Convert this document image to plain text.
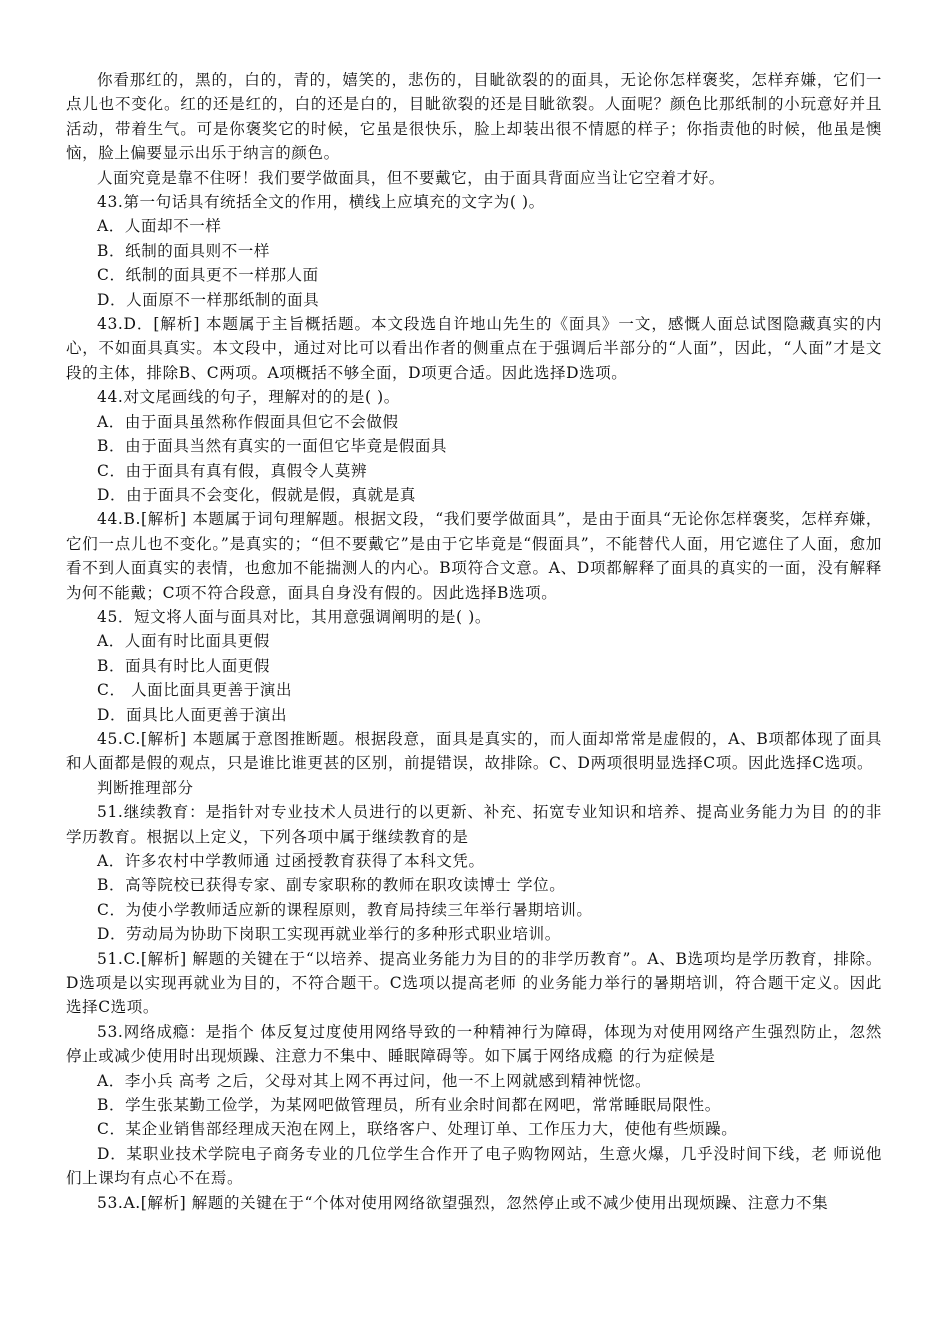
你看那红的，黑的，白的，青的，嬉笑的，悲伤的，目眦欲裂的的面具，无论你怎样褒奖，怎样弃嫌，它们一点儿也不变化。红的还是红的，白的还是白的，目眦欲裂的还是目眦欲裂。人面呢？颜色比那纸制的小玩意好并且活动，带着生气。可是你褒奖它的时候，它虽是很快乐，脸上却装出很不情愿的样子；你指责他的时候，他虽是懊恼，脸上偏要显示出乐于纳言的颜色。

人面究竟是靠不住呀！我们要学做面具，但不要戴它，由于面具背面应当让它空着才好。

43.第一句话具有统括全文的作用，横线上应填充的文字为( )。

A．人面却不一样

B．纸制的面具则不一样

C．纸制的面具更不一样那人面

D．人面原不一样那纸制的面具

43.D．[解析] 本题属于主旨概括题。本文段选自许地山先生的《面具》一文，感慨人面总试图隐藏真实的内心，不如面具真实。本文段中，通过对比可以看出作者的侧重点在于强调后半部分的“人面”，因此，“人面”才是文段的主体，排除B、C两项。A项概括不够全面，D项更合适。因此选择D选项。

44.对文尾画线的句子，理解对的的是( )。

A．由于面具虽然称作假面具但它不会做假

B．由于面具当然有真实的一面但它毕竟是假面具

C．由于面具有真有假，真假令人莫辨

D．由于面具不会变化，假就是假，真就是真

44.B.[解析] 本题属于词句理解题。根据文段，“我们要学做面具”，是由于面具“无论你怎样褒奖，怎样弃嫌，它们一点儿也不变化。”是真实的；“但不要戴它”是由于它毕竟是“假面具”，不能替代人面，用它遮住了人面，愈加看不到人面真实的表情，也愈加不能揣测人的内心。B项符合文意。A、D项都解释了面具的真实的一面，没有解释为何不能戴；C项不符合段意，面具自身没有假的。因此选择B选项。

45．短文将人面与面具对比，其用意强调阐明的是( )。

A．人面有时比面具更假

B．面具有时比人面更假

C． 人面比面具更善于演出

D．面具比人面更善于演出

45.C.[解析] 本题属于意图推断题。根据段意，面具是真实的，而人面却常常是虚假的，A、B项都体现了面具和人面都是假的观点，只是谁比谁更甚的区别，前提错误，故排除。C、D两项很明显选择C项。因此选择C选项。

判断推理部分

51.继续教育：是指针对专业技术人员进行的以更新、补充、拓宽专业知识和培养、提高业务能力为目 的的非学历教育。根据以上定义，下列各项中属于继续教育的是

A．许多农村中学教师通 过函授教育获得了本科文凭。

B．高等院校已获得专家、副专家职称的教师在职攻读博士 学位。

C．为使小学教师适应新的课程原则，教育局持续三年举行暑期培训。

D．劳动局为协助下岗职工实现再就业举行的多种形式职业培训。

51.C.[解析] 解题的关键在于“以培养、提高业务能力为目的的非学历教育”。A、B选项均是学历教育，排除。D选项是以实现再就业为目的，不符合题干。C选项以提高老师 的业务能力举行的暑期培训，符合题干定义。因此选择C选项。

53.网络成瘾：是指个 体反复过度使用网络导致的一种精神行为障碍，体现为对使用网络产生强烈防止，忽然停止或减少使用时出现烦躁、注意力不集中、睡眠障碍等。如下属于网络成瘾 的行为症候是

A．李小兵 高考 之后，父母对其上网不再过问，他一不上网就感到精神恍惚。

B．学生张某勤工俭学，为某网吧做管理员，所有业余时间都在网吧，常常睡眠局限性。

C．某企业销售部经理成天泡在网上，联络客户、处理订单、工作压力大，使他有些烦躁。

D．某职业技术学院电子商务专业的几位学生合作开了电子购物网站，生意火爆，几乎没时间下线，老 师说他们上课均有点心不在焉。

53.A.[解析] 解题的关键在于“个体对使用网络欲望强烈，忽然停止或不减少使用出现烦躁、注意力不集
